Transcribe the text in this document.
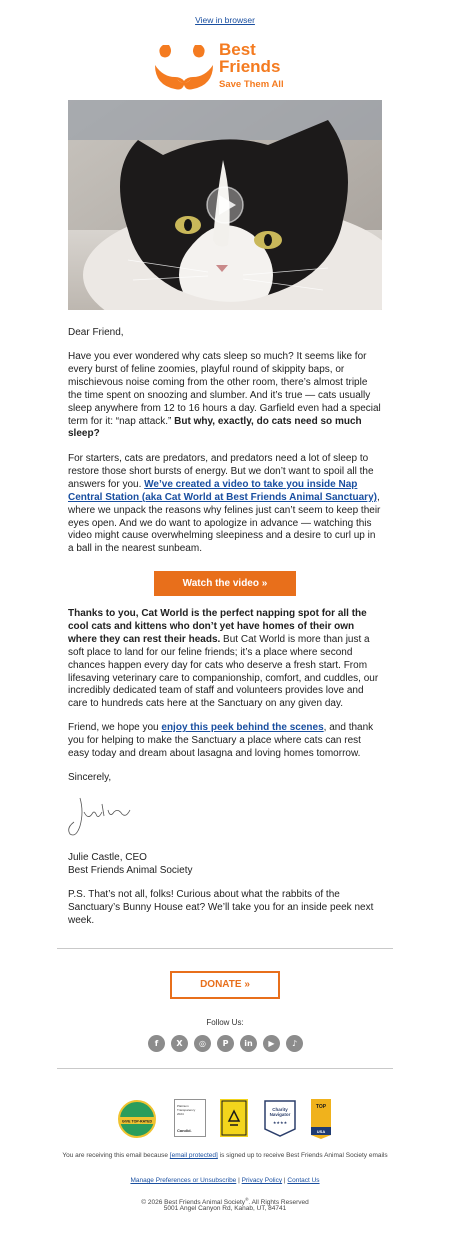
View in browser
Best
Friends
Save Them All

Dear Friend,

Have you ever wondered why cats sleep so much? It seems like for every burst of feline zoomies, playful round of skippity baps, or mischievous noise coming from the other room, there’s almost triple the time spent on snoozing and slumber. And it’s true — cats usually sleep anywhere from 12 to 16 hours a day. Garfield even had a special term for it: “nap attack.” But why, exactly, do cats need so much sleep?

For starters, cats are predators, and predators need a lot of sleep to restore those short bursts of energy. But we don’t want to spoil all the answers for you. We’ve created a video to take you inside Nap Central Station (aka Cat World at Best Friends Animal Sanctuary), where we unpack the reasons why felines just can’t seem to keep their eyes open. And we do want to apologize in advance — watching this video might cause overwhelming sleepiness and a desire to curl up in a ball in the nearest sunbeam.

Watch the video »

Thanks to you, Cat World is the perfect napping spot for all the cool cats and kittens who don’t yet have homes of their own where they can rest their heads. But Cat World is more than just a soft place to land for our feline friends; it’s a place where second chances happen every day for cats who deserve a fresh start. From lifesaving veterinary care to companionship, comfort, and cuddles, our incredibly dedicated team of staff and volunteers provides love and care to hundreds cats here at the Sanctuary on any given day.

Friend, we hope you enjoy this peek behind the scenes, and thank you for helping to make the Sanctuary a place where cats can rest easy today and dream about lasagna and loving homes tomorrow.

Sincerely,

Julie

Julie Castle, CEO

Best Friends Animal Society

P.S. That’s not all, folks! Curious about what the rabbits of the Sanctuary’s Bunny House eat? We’ll take you for an inside peek next week.

DONATE »
Follow Us:
f	X	◎	P	in	▶	♪
GIVE TOP-RATED
Platinum
Transparency
2024
Candid.
Charity
Navigator
★★★★
TOP
USA

You are receiving this email because [email protected] is signed up to receive Best Friends Animal Society emails

Manage Preferences or Unsubscribe | Privacy Policy | Contact Us

© 2026 Best Friends Animal Society®. All Rights Reserved

5001 Angel Canyon Rd, Kanab, UT, 84741
